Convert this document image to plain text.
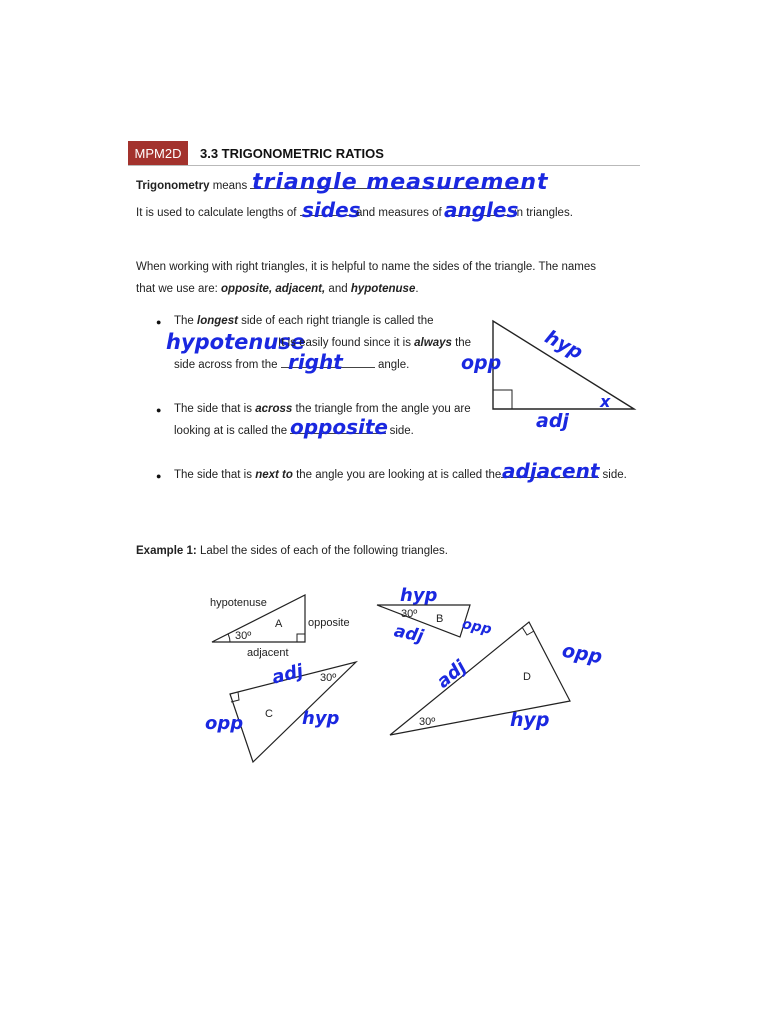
MPM2D	3.3 TRIGONOMETRIC RATIOS
Trigonometry means triangle measurement
It is used to calculate lengths of sides
and measures of	in triangles.
angles
When working with right triangles, it is helpful to name the sides of the triangle. The names
that we use are: opposite, adjacent, and hypotenuse.
● The longest side of each right triangle is called the
hypotenuse
It is easily found since it is always the
side across from the	angle.
right
● The side that is across the triangle from the angle you are
looking at is called the	side.
opposite
● The side that is next to the angle you are looking at is called the	side.
adjacent
hyp
opp
adj
x
Example 1: Label the sides of each of the following triangles.
A
30º
hypotenuse
opposite
adjacent
B
30º
C
30º	D
30º
hyp
adj	opp
adj
opp	hyp
adj
opp
hyp
